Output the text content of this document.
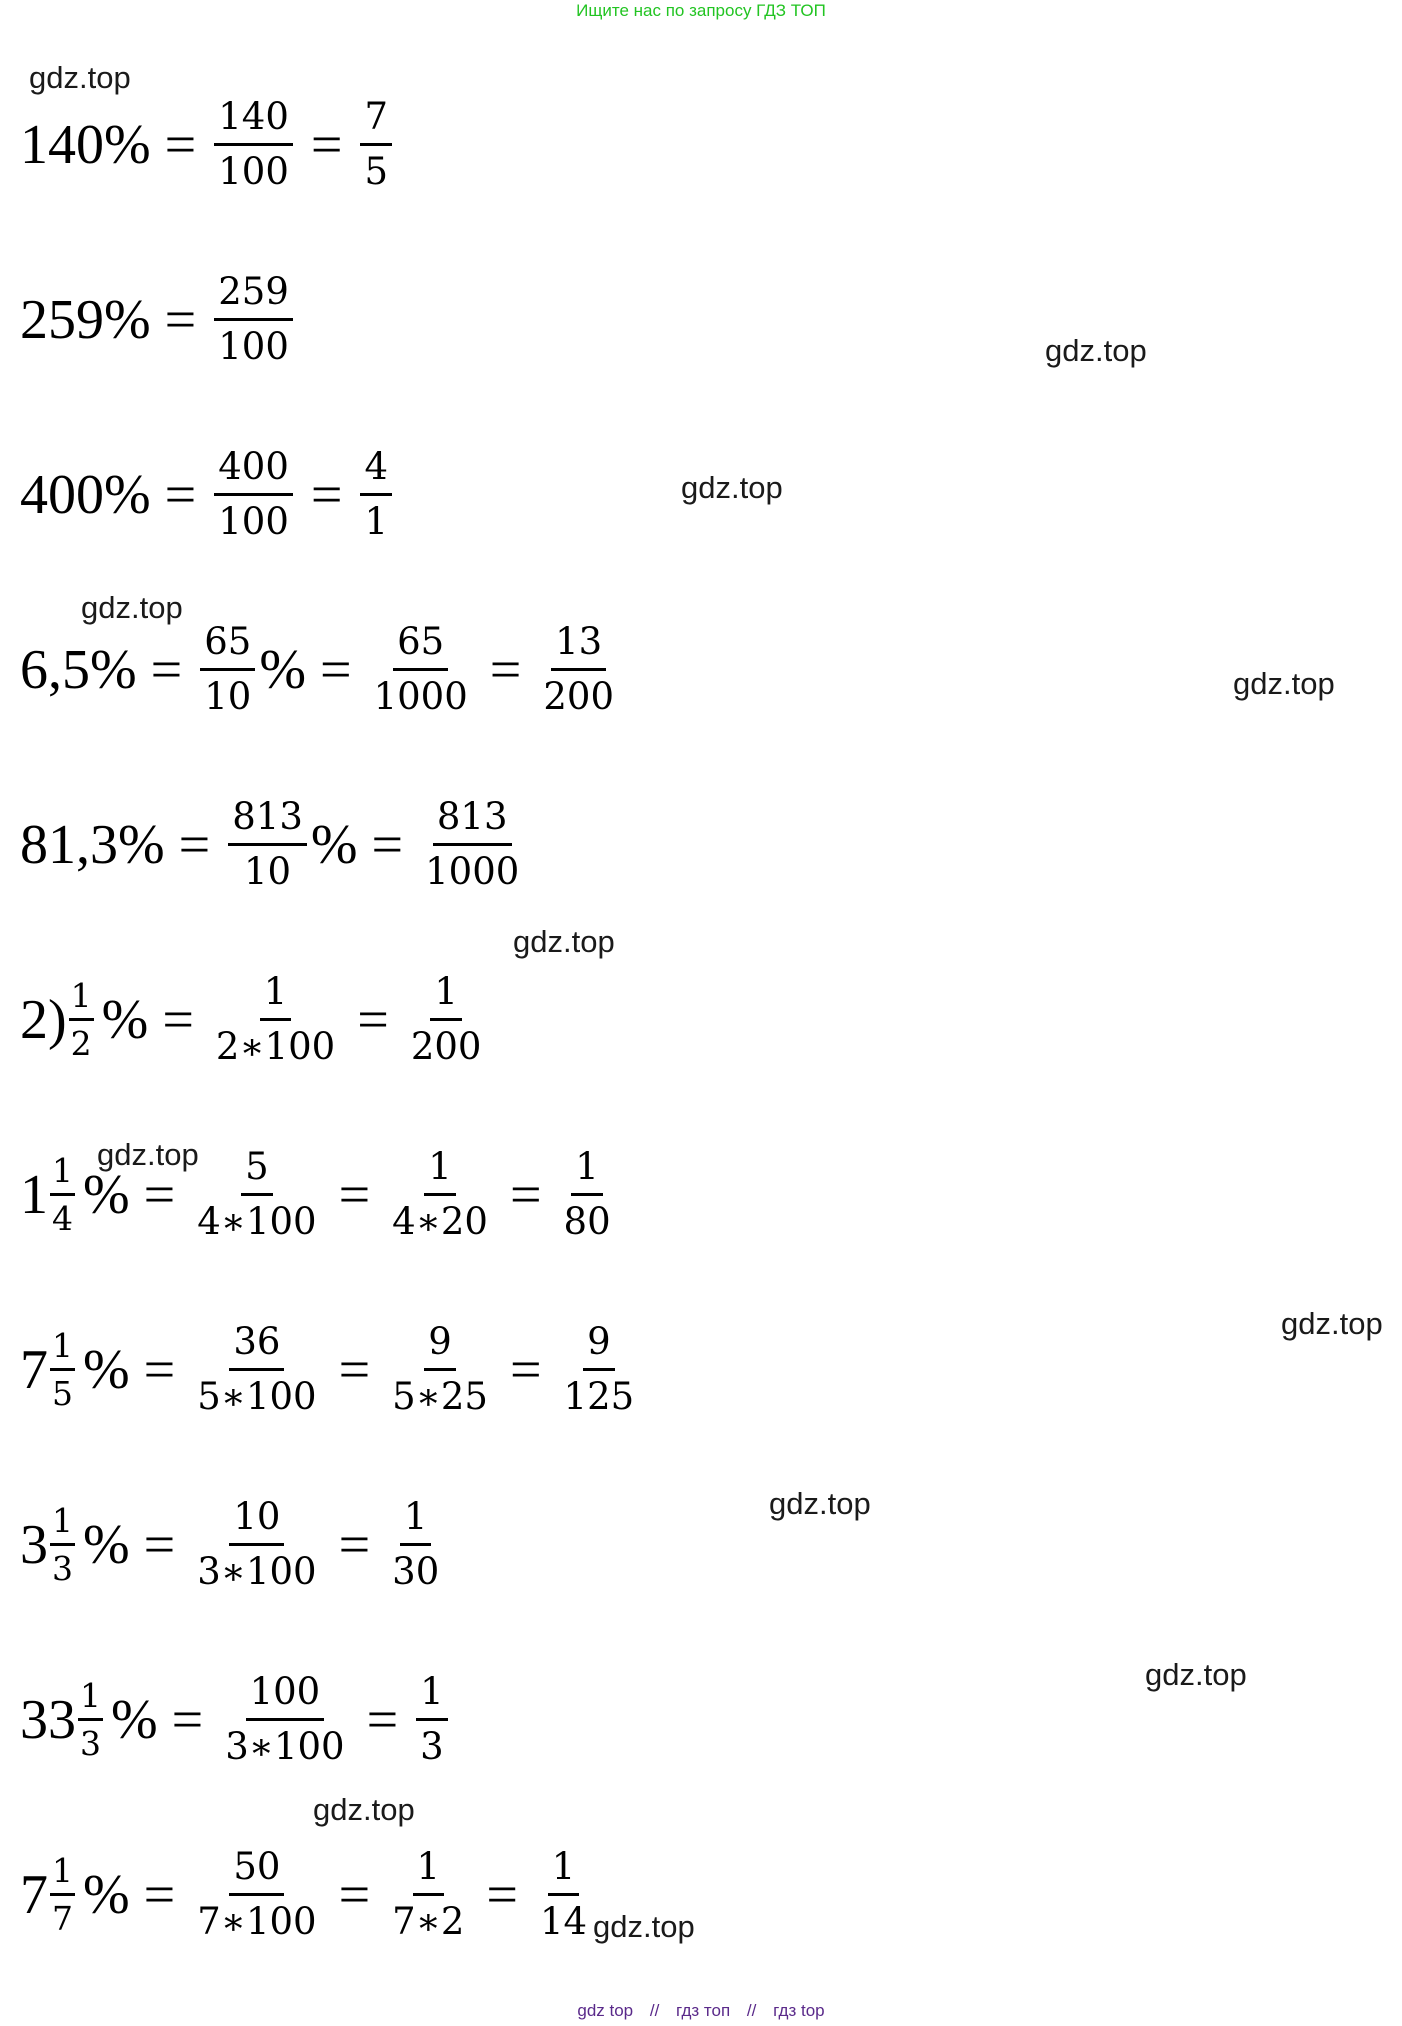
Ищите нас по запросу ГДЗ ТОП
gdz.top
gdz.top
gdz.top
gdz.top
gdz.top
gdz.top
gdz.top
gdz.top
gdz.top
gdz.top
gdz.top
gdz.top
$140\% = \frac{140}{100} = \frac{7}{5}$
$259\% = \frac{259}{100}$
$400\% = \frac{400}{100} = \frac{4}{1}$
$6,5\% = \frac{65}{10}$ % = $\frac{65}{1000} = \frac{13}{200}$
$81,3\% = \frac{813}{10}$ % = $\frac{813}{1000}$
$2) \frac{1}{2}$ % = $\frac{1}{2∗100} = \frac{1}{200}$
$1 \frac{1}{4}$ % = $\frac{5}{4∗100} = \frac{1}{4∗20} = \frac{1}{80}$
$7 \frac{1}{5}$ % = $\frac{36}{5∗100} = \frac{9}{5∗25} = \frac{9}{125}$
$3 \frac{1}{3}$ % = $\frac{10}{3∗100} = \frac{1}{30}$
$33 \frac{1}{3}$ % = $\frac{100}{3∗100} = \frac{1}{3}$
$7 \frac{1}{7}$ % = $\frac{50}{7∗100} = \frac{1}{7∗2} = \frac{1}{14}$
gdz top // гдз топ // гдз top
